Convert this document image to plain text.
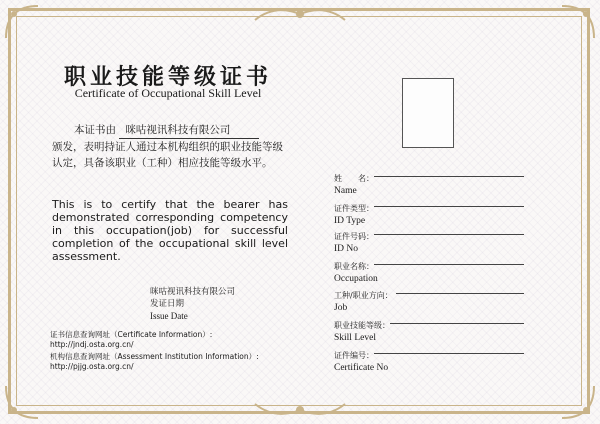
职业技能等级证书
Certificate of Occupational Skill Level
本证书由 咪咕视讯科技有限公司
颁发，表明持证人通过本机构组织的职业技能等级认定，具备该职业（工种）相应技能等级水平。
This is to certify that the bearer has demonstrated corresponding competency in this occupation(job) for successful completion of the occupational skill level assessment.
咪咕视讯科技有限公司
发证日期
Issue Date
证书信息查询网址（Certificate Information）:
http://jndj.osta.org.cn/
机构信息查询网址（Assessment Institution Information）:
http://pjjg.osta.org.cn/
姓　　名：
Name
证件类型：
ID Type
证件号码：
ID No
职业名称：
Occupation
工种/职业方向：
Job
职业技能等级：
Skill Level
证件编号：
Certificate No
